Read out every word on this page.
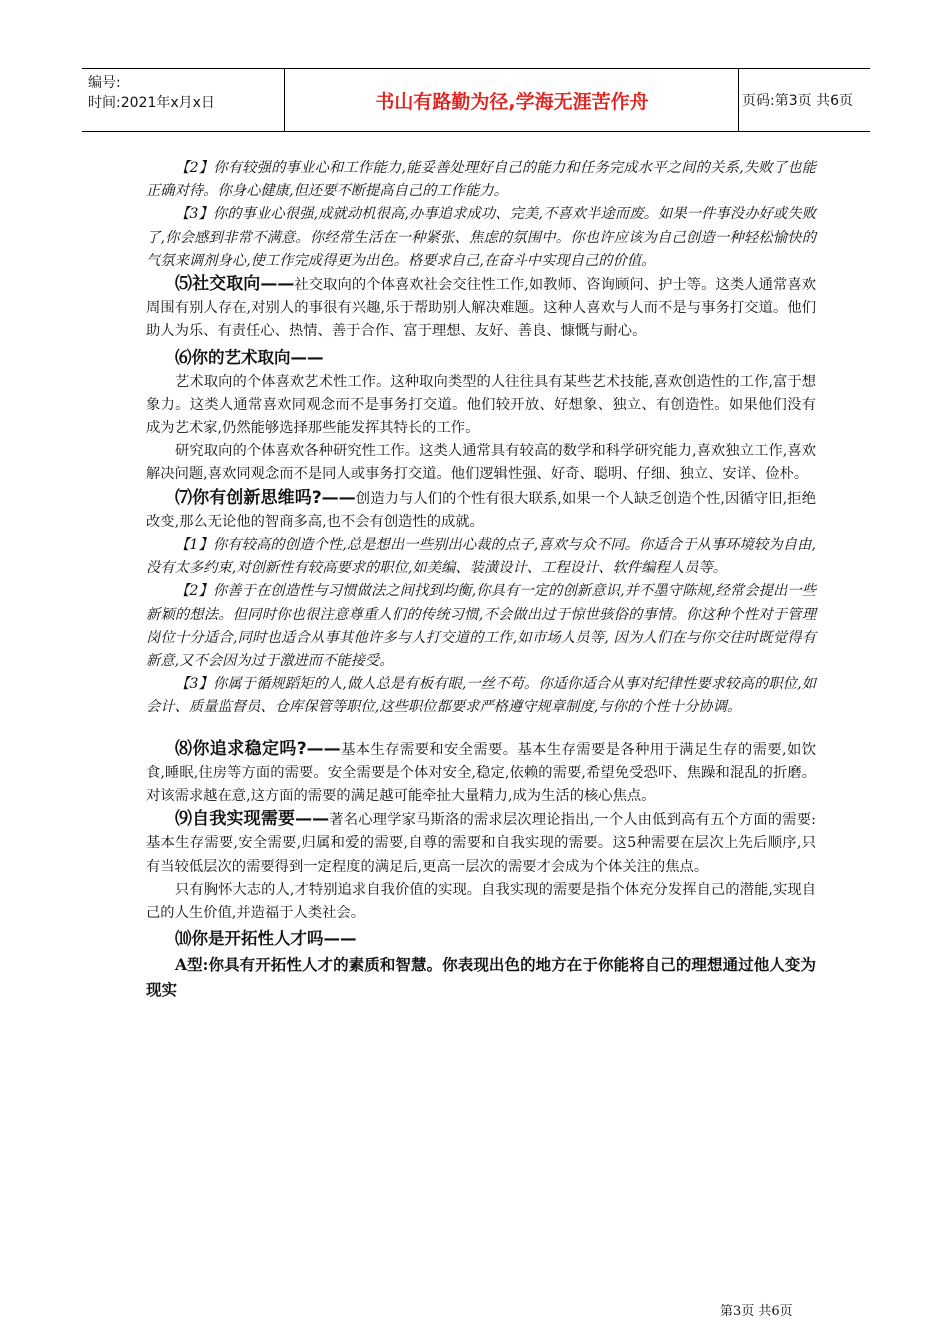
编号:
时间:2021年x月x日	书山有路勤为径,学海无涯苦作舟	页码:第3页 共6页

【2】你有较强的事业心和工作能力,能妥善处理好自己的能力和任务完成水平之间的关系,失败了也能正确对待。你身心健康,但还要不断提高自己的工作能力。

【3】你的事业心很强,成就动机很高,办事追求成功、完美,不喜欢半途而废。如果一件事没办好或失败了,你会感到非常不满意。你经常生活在一种紧张、焦虑的氛围中。你也许应该为自己创造一种轻松愉快的气氛来调剂身心,使工作完成得更为出色。格要求自己,在奋斗中实现自己的价值。

⑸社交取向——社交取向的个体喜欢社会交往性工作,如教师、咨询顾问、护士等。这类人通常喜欢周围有别人存在,对别人的事很有兴趣,乐于帮助别人解决难题。这种人喜欢与人而不是与事务打交道。他们助人为乐、有责任心、热情、善于合作、富于理想、友好、善良、慷慨与耐心。

⑹你的艺术取向——

艺术取向的个体喜欢艺术性工作。这种取向类型的人往往具有某些艺术技能,喜欢创造性的工作,富于想象力。这类人通常喜欢同观念而不是事务打交道。他们较开放、好想象、独立、有创造性。如果他们没有成为艺术家,仍然能够选择那些能发挥其特长的工作。

研究取向的个体喜欢各种研究性工作。这类人通常具有较高的数学和科学研究能力,喜欢独立工作,喜欢解决问题,喜欢同观念而不是同人或事务打交道。他们逻辑性强、好奇、聪明、仔细、独立、安详、俭朴。

⑺你有创新思维吗?——创造力与人们的个性有很大联系,如果一个人缺乏创造个性,因循守旧,拒绝改变,那么无论他的智商多高,也不会有创造性的成就。

【1】你有较高的创造个性,总是想出一些别出心裁的点子,喜欢与众不同。你适合于从事环境较为自由,没有太多约束,对创新性有较高要求的职位,如美编、装潢设计、工程设计、软件编程人员等。

【2】你善于在创造性与习惯做法之间找到均衡,你具有一定的创新意识,并不墨守陈规,经常会提出一些新颖的想法。但同时你也很注意尊重人们的传统习惯,不会做出过于惊世骇俗的事情。你这种个性对于管理岗位十分适合,同时也适合从事其他许多与人打交道的工作,如市场人员等, 因为人们在与你交往时既觉得有新意,又不会因为过于激进而不能接受。

【3】你属于循规蹈矩的人,做人总是有板有眼,一丝不苟。你适你适合从事对纪律性要求较高的职位,如会计、质量监督员、仓库保管等职位,这些职位都要求严格遵守规章制度,与你的个性十分协调。

⑻你追求稳定吗?——基本生存需要和安全需要。基本生存需要是各种用于满足生存的需要,如饮食,睡眠,住房等方面的需要。安全需要是个体对安全,稳定,依赖的需要,希望免受恐吓、焦躁和混乱的折磨。对该需求越在意,这方面的需要的满足越可能牵扯大量精力,成为生活的核心焦点。

⑼自我实现需要——著名心理学家马斯洛的需求层次理论指出,一个人由低到高有五个方面的需要:基本生存需要,安全需要,归属和爱的需要,自尊的需要和自我实现的需要。这5种需要在层次上先后顺序,只有当较低层次的需要得到一定程度的满足后,更高一层次的需要才会成为个体关注的焦点。

只有胸怀大志的人,才特别追求自我价值的实现。自我实现的需要是指个体充分发挥自己的潜能,实现自己的人生价值,并造福于人类社会。

⑽你是开拓性人才吗——

A型:你具有开拓性人才的素质和智慧。你表现出色的地方在于你能将自己的理想通过他人变为现实

第3页 共6页
